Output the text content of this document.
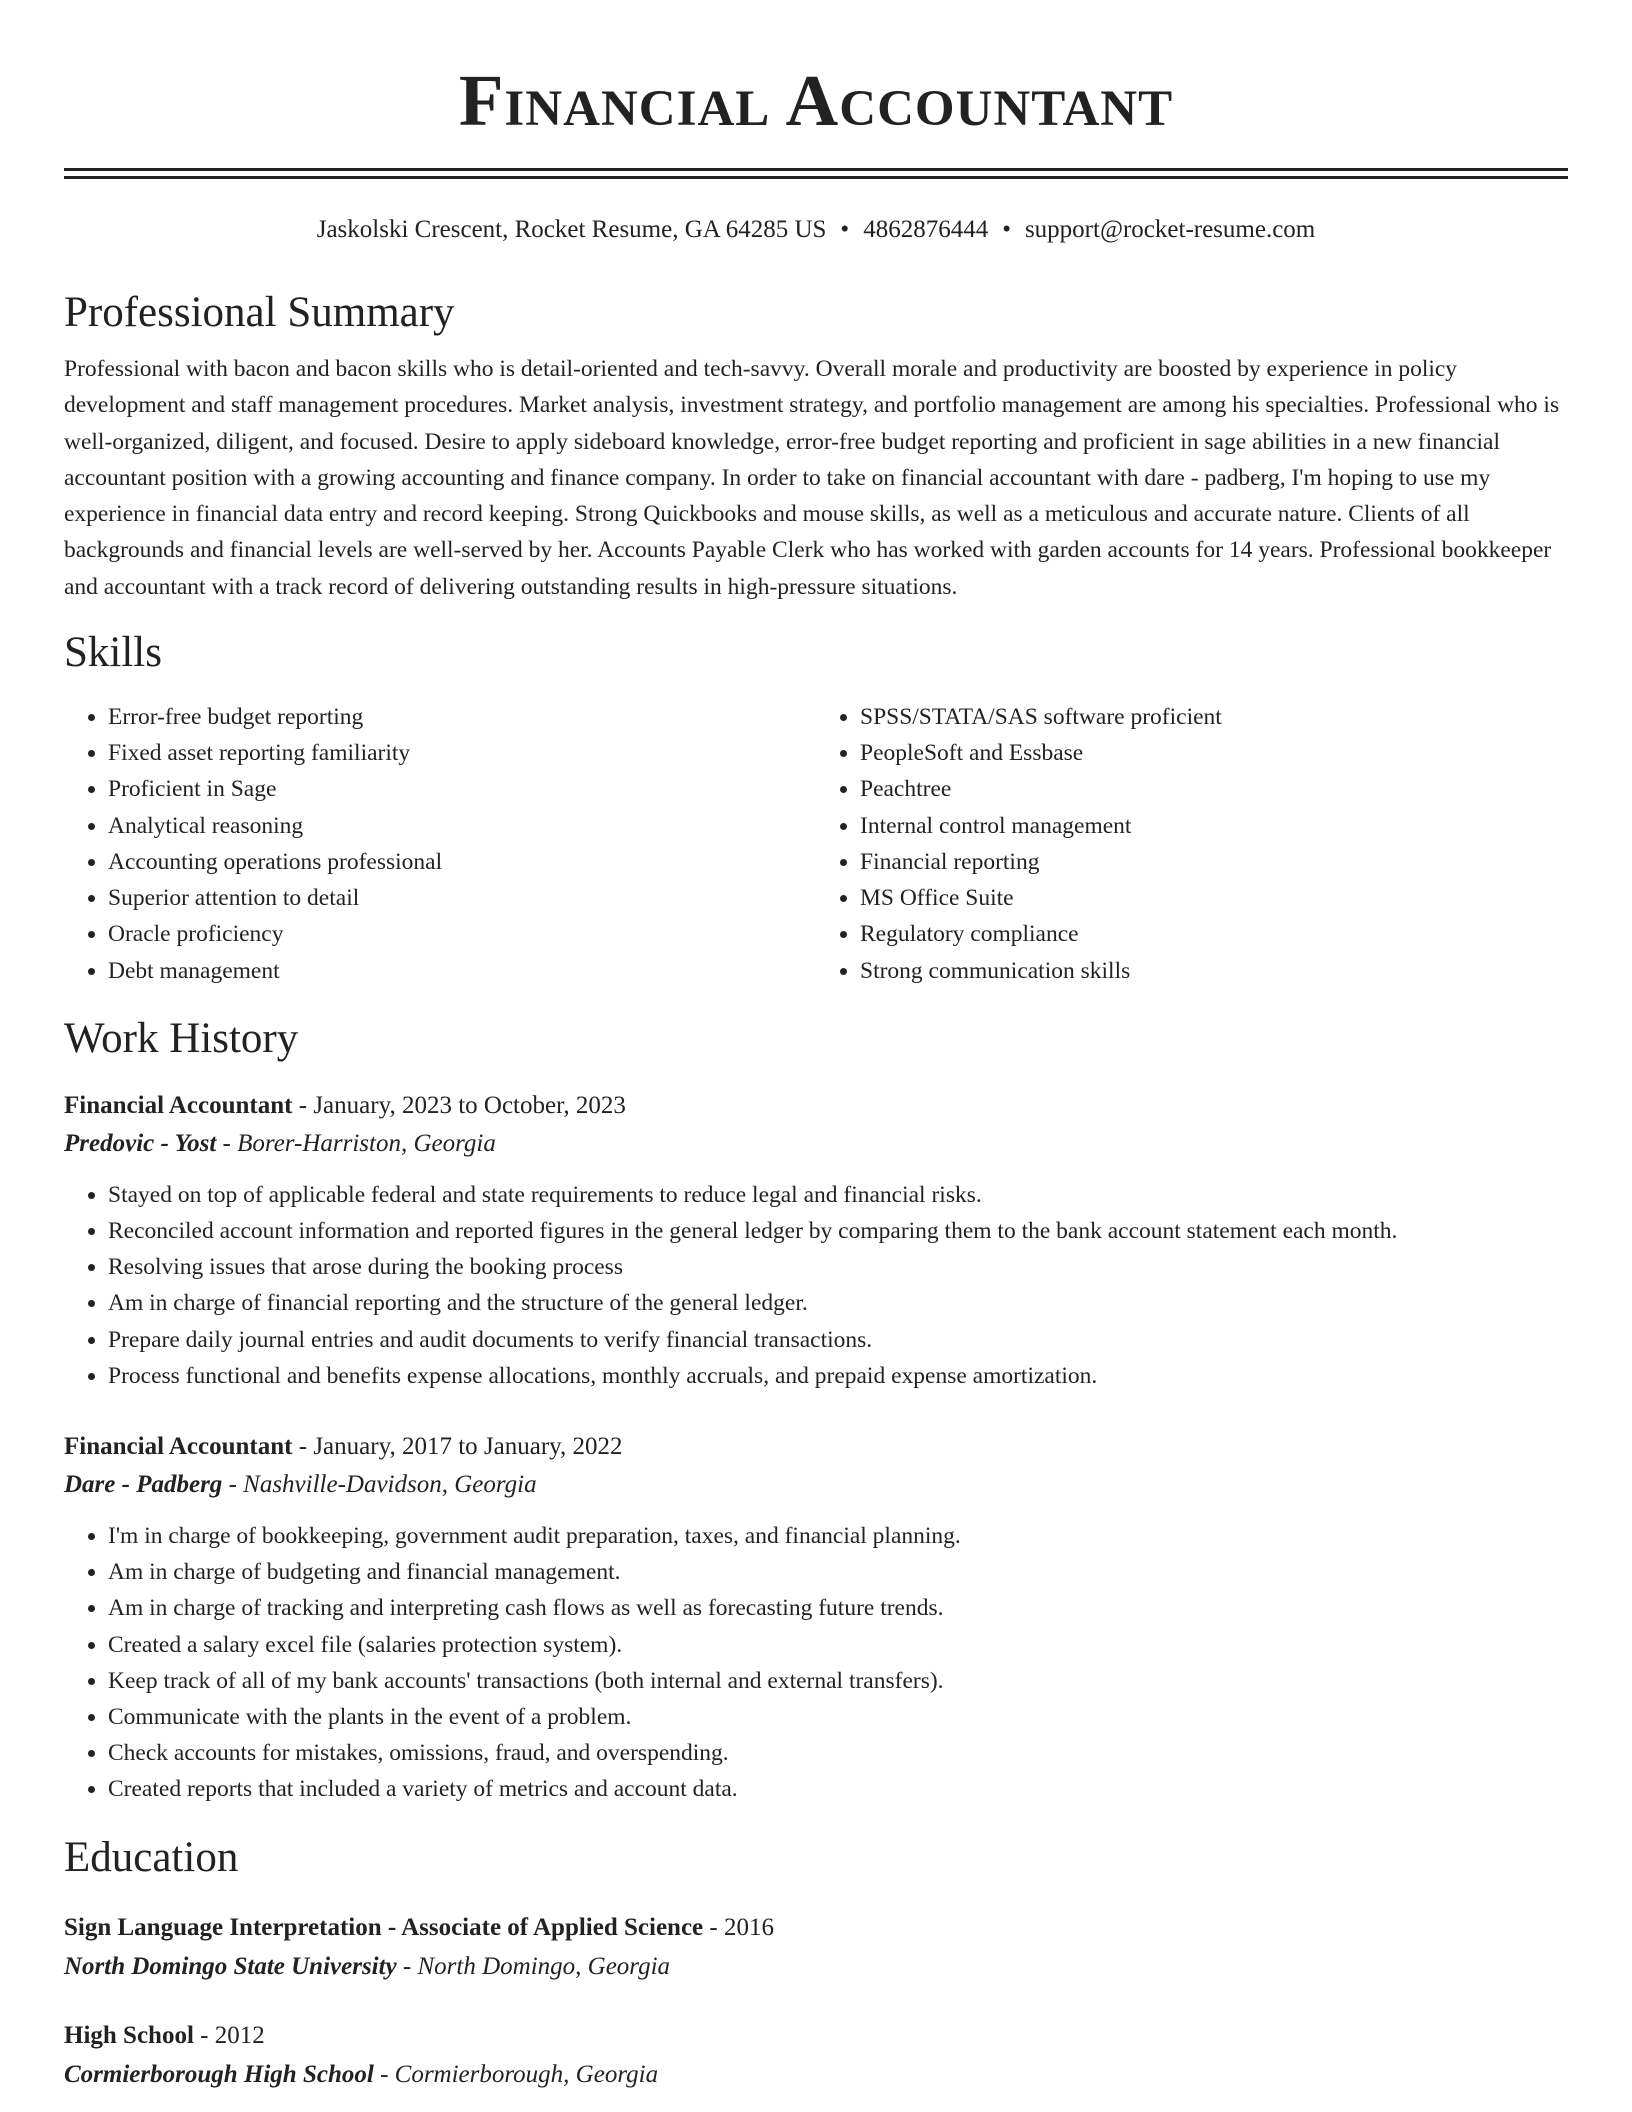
Financial Accountant
Jaskolski Crescent, Rocket Resume, GA 64285 US • 4862876444 • support@rocket-resume.com
Professional Summary
Professional with bacon and bacon skills who is detail-oriented and tech-savvy. Overall morale and productivity are boosted by experience in policy development and staff management procedures. Market analysis, investment strategy, and portfolio management are among his specialties. Professional who is well-organized, diligent, and focused. Desire to apply sideboard knowledge, error-free budget reporting and proficient in sage abilities in a new financial accountant position with a growing accounting and finance company. In order to take on financial accountant with dare - padberg, I'm hoping to use my experience in financial data entry and record keeping. Strong Quickbooks and mouse skills, as well as a meticulous and accurate nature. Clients of all backgrounds and financial levels are well-served by her. Accounts Payable Clerk who has worked with garden accounts for 14 years. Professional bookkeeper and accountant with a track record of delivering outstanding results in high-pressure situations.
Skills
• Error-free budget reporting
• Fixed asset reporting familiarity
• Proficient in Sage
• Analytical reasoning
• Accounting operations professional
• Superior attention to detail
• Oracle proficiency
• Debt management
• SPSS/STATA/SAS software proficient
• PeopleSoft and Essbase
• Peachtree
• Internal control management
• Financial reporting
• MS Office Suite
• Regulatory compliance
• Strong communication skills
Work History
Financial Accountant - January, 2023 to October, 2023
Predovic - Yost - Borer-Harriston, Georgia
• Stayed on top of applicable federal and state requirements to reduce legal and financial risks.
• Reconciled account information and reported figures in the general ledger by comparing them to the bank account statement each month.
• Resolving issues that arose during the booking process
• Am in charge of financial reporting and the structure of the general ledger.
• Prepare daily journal entries and audit documents to verify financial transactions.
• Process functional and benefits expense allocations, monthly accruals, and prepaid expense amortization.
Financial Accountant - January, 2017 to January, 2022
Dare - Padberg - Nashville-Davidson, Georgia
• I'm in charge of bookkeeping, government audit preparation, taxes, and financial planning.
• Am in charge of budgeting and financial management.
• Am in charge of tracking and interpreting cash flows as well as forecasting future trends.
• Created a salary excel file (salaries protection system).
• Keep track of all of my bank accounts' transactions (both internal and external transfers).
• Communicate with the plants in the event of a problem.
• Check accounts for mistakes, omissions, fraud, and overspending.
• Created reports that included a variety of metrics and account data.
Education
Sign Language Interpretation - Associate of Applied Science - 2016
North Domingo State University - North Domingo, Georgia
High School - 2012
Cormierborough High School - Cormierborough, Georgia
